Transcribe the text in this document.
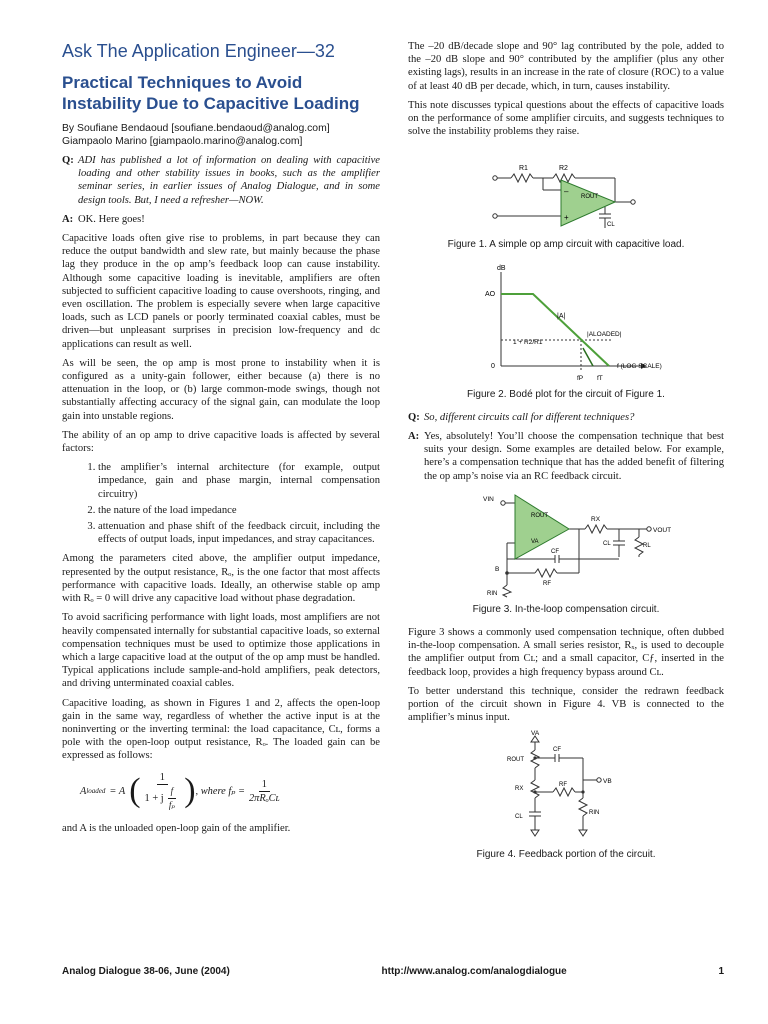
Ask The Application Engineer—32
Practical Techniques to Avoid
Instability Due to Capacitive Loading
By Soufiane Bendaoud [soufiane.bendaoud@analog.com]
Giampaolo Marino [giampaolo.marino@analog.com]
Q: ADI has published a lot of information on dealing with capacitive loading and other stability issues in books, such as the amplifier seminar series, in earlier issues of Analog Dialogue, and in some design tools. But, I need a refresher—NOW.
A: OK. Here goes!

Capacitive loads often give rise to problems, in part because they can reduce the output bandwidth and slew rate, but mainly because the phase lag they produce in the op amp’s feedback loop can cause instability. Although some capacitive loading is inevitable, amplifiers are often subjected to sufficient capacitive loading to cause overshoots, ringing, and even oscillation. The problem is especially severe when large capacitive loads, such as LCD panels or poorly terminated coaxial cables, must be driven—but unpleasant surprises in precision low-frequency and dc applications can result as well.

As will be seen, the op amp is most prone to instability when it is configured as a unity-gain follower, either because (a) there is no attenuation in the loop, or (b) large common-mode swings, though not substantially affecting accuracy of the signal gain, can modulate the loop gain into unstable regions.

The ability of an op amp to drive capacitive loads is affected by several factors:

1. the amplifier’s internal architecture (for example, output impedance, gain and phase margin, internal compensation circuitry)
2. the nature of the load impedance
3. attenuation and phase shift of the feedback circuit, including the effects of output loads, input impedances, and stray capacitances.

Among the parameters cited above, the amplifier output impedance, represented by the output resistance, Rₒ, is the one factor that most affects performance with capacitive loads. Ideally, an otherwise stable op amp with Rₒ = 0 will drive any capacitive load without phase degradation.

To avoid sacrificing performance with light loads, most amplifiers are not heavily compensated internally for substantial capacitive loads, so external compensation techniques must be used to optimize those applications in which a large capacitive load at the output of the op amp must be handled. Typical applications include sample-and-hold amplifiers, peak detectors, and driving unterminated coaxial cables.

Capacitive loading, as shown in Figures 1 and 2, affects the open-loop gain in the same way, regardless of whether the active input is at the noninverting or the inverting terminal: the load capacitance, Cʟ, forms a pole with the open-loop output resistance, Rₒ. The loaded gain can be expressed as follows:

A loaded = A ( $\frac{1}{1 + j \frac{f}{\text{fₚ}}}$ ) , where $f_p = \frac{1}{\text{2πRₒCʟ}}$

and A is the unloaded open-loop gain of the amplifier.

The –20 dB/decade slope and 90° lag contributed by the pole, added to the –20 dB slope and 90° contributed by the amplifier (plus any other existing lags), results in an increase in the rate of closure (ROC) to a value of at least 40 dB per decade, which, in turn, causes instability.

This note discusses typical questions about the effects of capacitive loads on the performance of some amplifier circuits, and suggests techniques to solve the instability problems they raise.

R1	R2
ROUT
CL
–
+
Figure 1. A simple op amp circuit with capacitive load.
dB
AO
|A|
|ALOADED|
1 + R2/R1
0	f (LOG SCALE)
fP fT
Figure 2. Bodé plot for the circuit of Figure 1.
Q: So, different circuits call for different techniques?
A: Yes, absolutely! You’ll choose the compensation technique that best suits your design. Some examples are detailed below. For example, here’s a compensation technique that has the added benefit of filtering the op amp’s noise via an RC feedback circuit.
VIN
ROUT
VA
RX
VOUT
CL	RL
CF
RF
B
RIN
Figure 3. In-the-loop compensation circuit.

Figure 3 shows a commonly used compensation technique, often dubbed in-the-loop compensation. A small series resistor, Rₓ, is used to decouple the amplifier output from Cʟ; and a small capacitor, Cƒ, inserted in the feedback loop, provides a high frequency bypass around Cʟ.

To better understand this technique, consider the redrawn feedback portion of the circuit shown in Figure 4. VB is connected to the amplifier’s minus input.

VA
ROUT
CF
RX
RF	VB
CL
RIN
Figure 4. Feedback portion of the circuit.
Analog Dialogue 38-06, June (2004)	http://www.analog.com/analogdialogue	1
